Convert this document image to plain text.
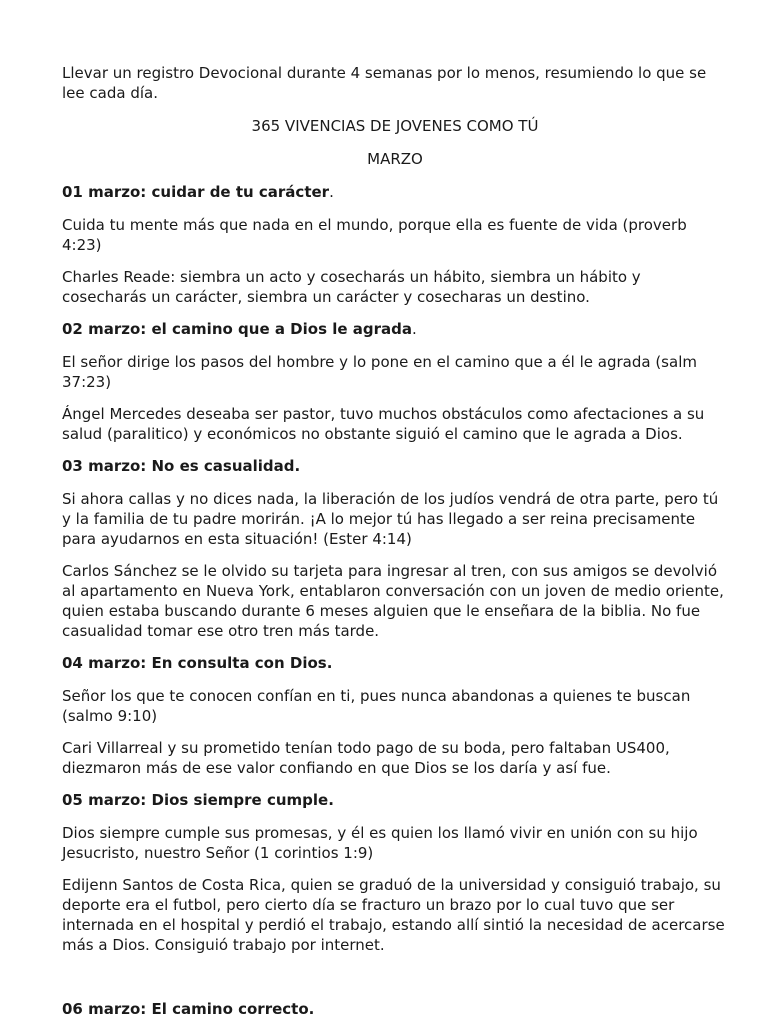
Llevar un registro Devocional durante 4 semanas por lo menos, resumiendo lo que se lee cada día.

365 VIVENCIAS DE JOVENES COMO TÚ

MARZO

01 marzo: cuidar de tu carácter.

Cuida tu mente más que nada en el mundo, porque ella es fuente de vida (proverb 4:23)

Charles Reade: siembra un acto y cosecharás un hábito, siembra un hábito y cosecharás un carácter, siembra un carácter y cosecharas un destino.

02 marzo: el camino que a Dios le agrada.

El señor dirige los pasos del hombre y lo pone en el camino que a él le agrada (salm 37:23)

Ángel Mercedes deseaba ser pastor, tuvo muchos obstáculos como afectaciones a su salud (paralitico) y económicos no obstante siguió el camino que le agrada a Dios.

03 marzo: No es casualidad.

Si ahora callas y no dices nada, la liberación de los judíos vendrá de otra parte, pero tú y la familia de tu padre morirán. ¡A lo mejor tú has llegado a ser reina precisamente para ayudarnos en esta situación! (Ester 4:14)

Carlos Sánchez se le olvido su tarjeta para ingresar al tren, con sus amigos se devolvió al apartamento en Nueva York, entablaron conversación con un joven de medio oriente, quien estaba buscando durante 6 meses alguien que le enseñara de la biblia. No fue casualidad tomar ese otro tren más tarde.

04 marzo: En consulta con Dios.

Señor los que te conocen confían en ti, pues nunca abandonas a quienes te buscan (salmo 9:10)

Cari Villarreal y su prometido tenían todo pago de su boda, pero faltaban US400, diezmaron más de ese valor confiando en que Dios se los daría y así fue.

05 marzo: Dios siempre cumple.

Dios siempre cumple sus promesas, y él es quien los llamó vivir en unión con su hijo Jesucristo, nuestro Señor (1 corintios 1:9)

Edijenn Santos de Costa Rica, quien se graduó de la universidad y consiguió trabajo, su deporte era el futbol, pero cierto día se fracturo un brazo por lo cual tuvo que ser internada en el hospital y perdió el trabajo, estando allí sintió la necesidad de acercarse más a Dios. Consiguió trabajo por internet.

06 marzo: El camino correcto.
